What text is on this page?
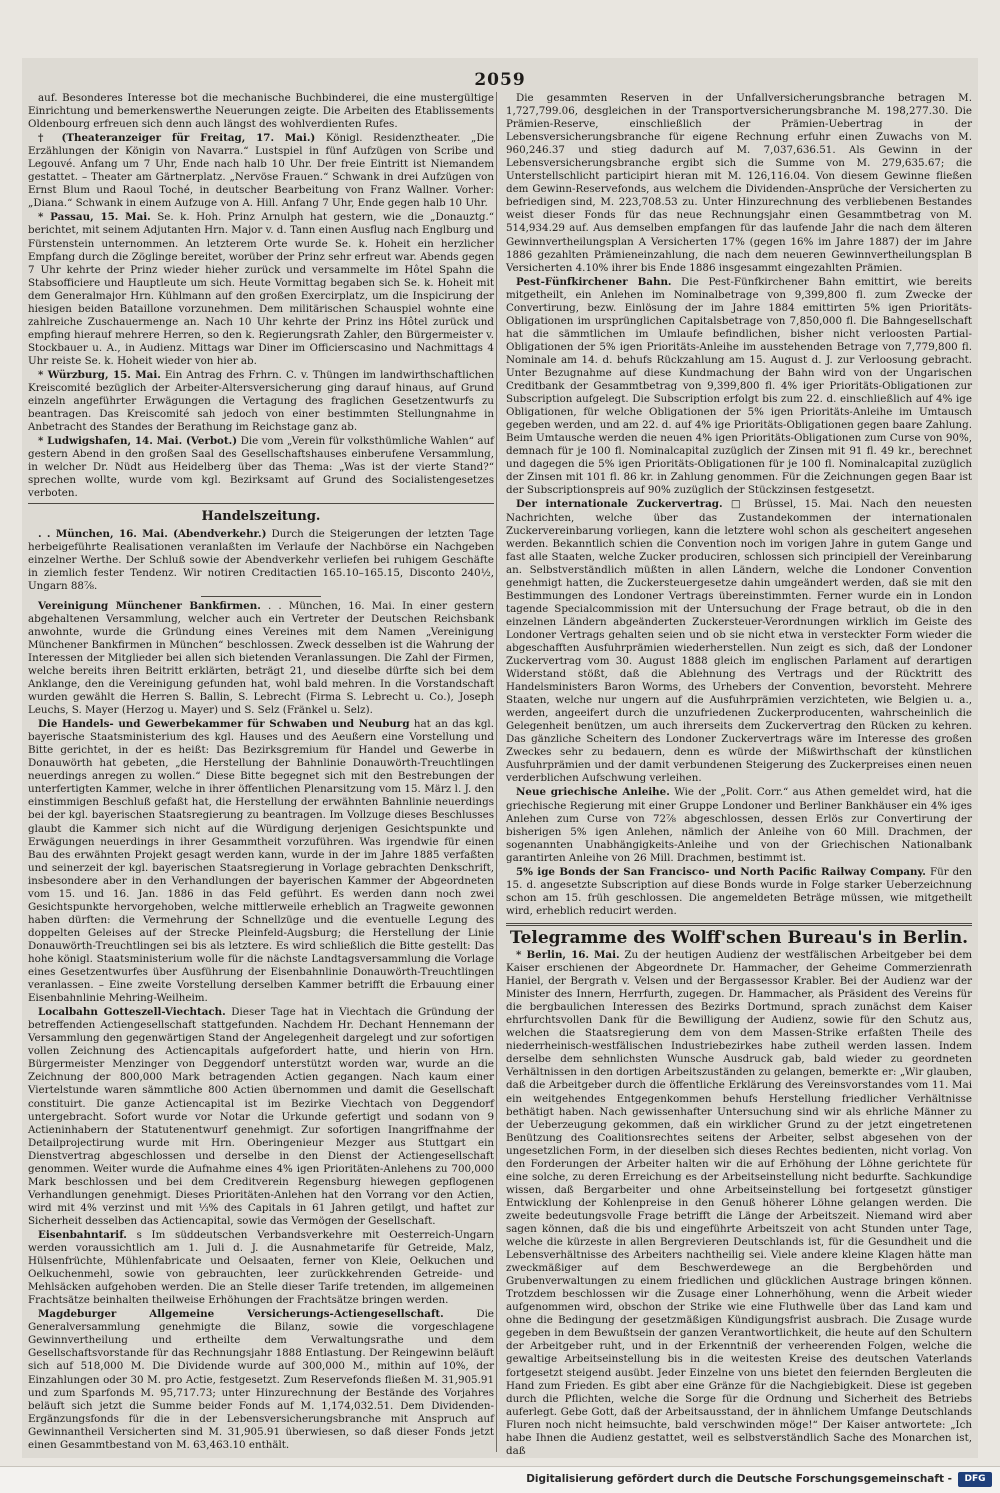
2059

auf. Besonderes Interesse bot die mechanische Buchbinderei, die eine mustergültige Einrichtung und bemerkenswerthe Neuerungen zeigte. Die Arbeiten des Etablissements Oldenbourg erfreuen sich denn auch längst des wohlverdienten Rufes.

† (Theateranzeiger für Freitag, 17. Mai.) Königl. Residenztheater. „Die Erzählungen der Königin von Navarra.“ Lustspiel in fünf Aufzügen von Scribe und Legouvé. Anfang um 7 Uhr, Ende nach halb 10 Uhr. Der freie Eintritt ist Niemandem gestattet. – Theater am Gärtnerplatz. „Nervöse Frauen.“ Schwank in drei Aufzügen von Ernst Blum und Raoul Toché, in deutscher Bearbeitung von Franz Wallner. Vorher: „Diana.“ Schwank in einem Aufzuge von A. Hill. Anfang 7 Uhr, Ende gegen halb 10 Uhr.

* Passau, 15. Mai. Se. k. Hoh. Prinz Arnulph hat gestern, wie die „Donauztg.“ berichtet, mit seinem Adjutanten Hrn. Major v. d. Tann einen Ausflug nach Englburg und Fürstenstein unternommen. An letzterem Orte wurde Se. k. Hoheit ein herzlicher Empfang durch die Zöglinge bereitet, worüber der Prinz sehr erfreut war. Abends gegen 7 Uhr kehrte der Prinz wieder hieher zurück und versammelte im Hôtel Spahn die Stabsofficiere und Hauptleute um sich. Heute Vormittag begaben sich Se. k. Hoheit mit dem Generalmajor Hrn. Kühlmann auf den großen Exercirplatz, um die Inspicirung der hiesigen beiden Bataillone vorzunehmen. Dem militärischen Schauspiel wohnte eine zahlreiche Zuschauermenge an. Nach 10 Uhr kehrte der Prinz ins Hôtel zurück und empfing hierauf mehrere Herren, so den k. Regierungsrath Zahler, den Bürgermeister v. Stockbauer u. A., in Audienz. Mittags war Diner im Officierscasino und Nachmittags 4 Uhr reiste Se. k. Hoheit wieder von hier ab.

* Würzburg, 15. Mai. Ein Antrag des Frhrn. C. v. Thüngen im landwirthschaftlichen Kreiscomité bezüglich der Arbeiter-Altersversicherung ging darauf hinaus, auf Grund einzeln angeführter Erwägungen die Vertagung des fraglichen Gesetzentwurfs zu beantragen. Das Kreiscomité sah jedoch von einer bestimmten Stellungnahme in Anbetracht des Standes der Berathung im Reichstage ganz ab.

* Ludwigshafen, 14. Mai. (Verbot.) Die vom „Verein für volksthümliche Wahlen“ auf gestern Abend in den großen Saal des Gesellschaftshauses einberufene Versammlung, in welcher Dr. Nüdt aus Heidelberg über das Thema: „Was ist der vierte Stand?“ sprechen wollte, wurde vom kgl. Bezirksamt auf Grund des Socialistengesetzes verboten.

Handelszeitung.

. . München, 16. Mai. (Abendverkehr.) Durch die Steigerungen der letzten Tage herbeigeführte Realisationen veranlaßten im Verlaufe der Nachbörse ein Nachgeben einzelner Werthe. Der Schluß sowie der Abendverkehr verliefen bei ruhigem Geschäfte in ziemlich fester Tendenz. Wir notiren Creditactien 165.10–165.15, Disconto 240½, Ungarn 88⅞.

Vereinigung Münchener Bankfirmen. . . München, 16. Mai. In einer gestern abgehaltenen Versammlung, welcher auch ein Vertreter der Deutschen Reichsbank anwohnte, wurde die Gründung eines Vereines mit dem Namen „Vereinigung Münchener Bankfirmen in München“ beschlossen. Zweck desselben ist die Wahrung der Interessen der Mitglieder bei allen sich bietenden Veranlassungen. Die Zahl der Firmen, welche bereits ihren Beitritt erklärten, beträgt 21, und dieselbe dürfte sich bei dem Anklange, den die Vereinigung gefunden hat, wohl bald mehren. In die Vorstandschaft wurden gewählt die Herren S. Ballin, S. Lebrecht (Firma S. Lebrecht u. Co.), Joseph Leuchs, S. Mayer (Herzog u. Mayer) und S. Selz (Fränkel u. Selz).

Die Handels- und Gewerbekammer für Schwaben und Neuburg hat an das kgl. bayerische Staatsministerium des kgl. Hauses und des Aeußern eine Vorstellung und Bitte gerichtet, in der es heißt: Das Bezirksgremium für Handel und Gewerbe in Donauwörth hat gebeten, „die Herstellung der Bahnlinie Donauwörth-Treuchtlingen neuerdings anregen zu wollen.“ Diese Bitte begegnet sich mit den Bestrebungen der unterfertigten Kammer, welche in ihrer öffentlichen Plenarsitzung vom 15. März l. J. den einstimmigen Beschluß gefaßt hat, die Herstellung der erwähnten Bahnlinie neuerdings bei der kgl. bayerischen Staatsregierung zu beantragen. Im Vollzuge dieses Beschlusses glaubt die Kammer sich nicht auf die Würdigung derjenigen Gesichtspunkte und Erwägungen neuerdings in ihrer Gesammtheit vorzuführen. Was irgendwie für einen Bau des erwähnten Projekt gesagt werden kann, wurde in der im Jahre 1885 verfaßten und seinerzeit der kgl. bayerischen Staatsregierung in Vorlage gebrachten Denkschrift, insbesondere aber in den Verhandlungen der bayerischen Kammer der Abgeordneten vom 15. und 16. Jan. 1886 in das Feld geführt. Es werden dann noch zwei Gesichtspunkte hervorgehoben, welche mittlerweile erheblich an Tragweite gewonnen haben dürften: die Vermehrung der Schnellzüge und die eventuelle Legung des doppelten Geleises auf der Strecke Pleinfeld-Augsburg; die Herstellung der Linie Donauwörth-Treuchtlingen sei bis als letztere. Es wird schließlich die Bitte gestellt: Das hohe königl. Staatsministerium wolle für die nächste Landtagsversammlung die Vorlage eines Gesetzentwurfes über Ausführung der Eisenbahnlinie Donauwörth-Treuchtlingen veranlassen. – Eine zweite Vorstellung derselben Kammer betrifft die Erbauung einer Eisenbahnlinie Mehring-Weilheim.

Localbahn Gotteszell-Viechtach. Dieser Tage hat in Viechtach die Gründung der betreffenden Actiengesellschaft stattgefunden. Nachdem Hr. Dechant Hennemann der Versammlung den gegenwärtigen Stand der Angelegenheit dargelegt und zur sofortigen vollen Zeichnung des Actiencapitals aufgefordert hatte, und hierin von Hrn. Bürgermeister Menzinger von Deggendorf unterstützt worden war, wurde an die Zeichnung der 800,000 Mark betragenden Actien gegangen. Nach kaum einer Viertelstunde waren sämmtliche 800 Actien übernommen und damit die Gesellschaft constituirt. Die ganze Actiencapital ist im Bezirke Viechtach von Deggendorf untergebracht. Sofort wurde vor Notar die Urkunde gefertigt und sodann von 9 Actieninhabern der Statutenentwurf genehmigt. Zur sofortigen Inangriffnahme der Detailprojectirung wurde mit Hrn. Oberingenieur Mezger aus Stuttgart ein Dienstvertrag abgeschlossen und derselbe in den Dienst der Actiengesellschaft genommen. Weiter wurde die Aufnahme eines 4% igen Prioritäten-Anlehens zu 700,000 Mark beschlossen und bei dem Creditverein Regensburg hiewegen gepflogenen Verhandlungen genehmigt. Dieses Prioritäten-Anlehen hat den Vorrang vor den Actien, wird mit 4% verzinst und mit ⅓% des Capitals in 61 Jahren getilgt, und haftet zur Sicherheit desselben das Actiencapital, sowie das Vermögen der Gesellschaft.

Eisenbahntarif. s Im süddeutschen Verbandsverkehre mit Oesterreich-Ungarn werden voraussichtlich am 1. Juli d. J. die Ausnahmetarife für Getreide, Malz, Hülsenfrüchte, Mühlenfabricate und Oelsaaten, ferner von Kleie, Oelkuchen und Oelkuchenmehl, sowie von gebrauchten, leer zurückkehrenden Getreide- und Mehlsäcken aufgehoben werden. Die an Stelle dieser Tarife tretenden, im allgemeinen Frachtsätze beinhalten theilweise Erhöhungen der Frachtsätze bringen werden.

Magdeburger Allgemeine Versicherungs-Actiengesellschaft.	Die Generalversammlung genehmigte die Bilanz, sowie die vorgeschlagene Gewinnvertheilung und ertheilte dem Verwaltungsrathe und dem Gesellschaftsvorstande für das Rechnungsjahr 1888 Entlastung. Der Reingewinn beläuft sich auf 518,000 M. Die Dividende wurde auf 300,000 M., mithin auf 10%, der Einzahlungen oder 30 M. pro Actie, festgesetzt. Zum Reservefonds fließen M. 31,905.91 und zum Sparfonds M. 95,717.73; unter Hinzurechnung der Bestände des Vorjahres beläuft sich jetzt die Summe beider Fonds auf M. 1,174,032.51. Dem Dividenden-Ergänzungsfonds für die in der Lebensversicherungsbranche mit Anspruch auf Gewinnantheil Versicherten sind M. 31,905.91 überwiesen, so daß dieser Fonds jetzt einen Gesammtbestand von M. 63,463.10 enthält.

Die gesammten Reserven in der Unfallversicherungsbranche betragen M. 1,727,799.06, desgleichen in der Transportversicherungsbranche M. 198,277.30. Die Prämien-Reserve, einschließlich der Prämien-Uebertrag in der Lebensversicherungsbranche für eigene Rechnung erfuhr einen Zuwachs von M. 960,246.37 und stieg dadurch auf M. 7,037,636.51. Als Gewinn in der Lebensversicherungsbranche ergibt sich die Summe von M. 279,635.67; die Unterstellschlicht participirt hieran mit M. 126,116.04. Von diesem Gewinne fließen dem Gewinn-Reservefonds, aus welchem die Dividenden-Ansprüche der Versicherten zu befriedigen sind, M. 223,708.53 zu. Unter Hinzurechnung des verbliebenen Bestandes weist dieser Fonds für das neue Rechnungsjahr einen Gesammtbetrag von M. 514,934.29 auf. Aus demselben empfangen für das laufende Jahr die nach dem älteren Gewinnvertheilungsplan A Versicherten 17% (gegen 16% im Jahre 1887) der im Jahre 1886 gezahlten Prämieneinzahlung, die nach dem neueren Gewinnvertheilungsplan B Versicherten 4.10% ihrer bis Ende 1886 insgesammt eingezahlten Prämien.

Pest-Fünfkirchener Bahn. Die Pest-Fünfkirchener Bahn emittirt, wie bereits mitgetheilt, ein Anlehen im Nominalbetrage von 9,399,800 fl. zum Zwecke der Convertirung, bezw. Einlösung der im Jahre 1884 emittirten 5% igen Prioritäts-Obligationen im ursprünglichen Capitalsbetrage von 7,850,000 fl. Die Bahngesellschaft hat die sämmtlichen im Umlaufe befindlichen, bisher nicht verloosten Partial-Obligationen der 5% igen Prioritäts-Anleihe im ausstehenden Betrage von 7,779,800 fl. Nominale am 14. d. behufs Rückzahlung am 15. August d. J. zur Verloosung gebracht. Unter Bezugnahme auf diese Kundmachung der Bahn wird von der Ungarischen Creditbank der Gesammtbetrag von 9,399,800 fl. 4% iger Prioritäts-Obligationen zur Subscription aufgelegt. Die Subscription erfolgt bis zum 22. d. einschließlich auf 4% ige Obligationen, für welche Obligationen der 5% igen Prioritäts-Anleihe im Umtausch gegeben werden, und am 22. d. auf 4% ige Prioritäts-Obligationen gegen baare Zahlung. Beim Umtausche werden die neuen 4% igen Prioritäts-Obligationen zum Curse von 90%, demnach für je 100 fl. Nominalcapital zuzüglich der Zinsen mit 91 fl. 49 kr., berechnet und dagegen die 5% igen Prioritäts-Obligationen für je 100 fl. Nominalcapital zuzüglich der Zinsen mit 101 fl. 86 kr. in Zahlung genommen. Für die Zeichnungen gegen Baar ist der Subscriptionspreis auf 90% zuzüglich der Stückzinsen festgesetzt.

Der internationale Zuckervertrag. □ Brüssel, 15. Mai. Nach den neuesten Nachrichten, welche über das Zustandekommen der internationalen Zuckervereinbarung vorliegen, kann die letztere wohl schon als gescheitert angesehen werden. Bekanntlich schien die Convention noch im vorigen Jahre in gutem Gange und fast alle Staaten, welche Zucker produciren, schlossen sich principiell der Vereinbarung an. Selbstverständlich müßten in allen Ländern, welche die Londoner Convention genehmigt hatten, die Zuckersteuergesetze dahin umgeändert werden, daß sie mit den Bestimmungen des Londoner Vertrags übereinstimmten. Ferner wurde ein in London tagende Specialcommission mit der Untersuchung der Frage betraut, ob die in den einzelnen Ländern abgeänderten Zuckersteuer-Verordnungen wirklich im Geiste des Londoner Vertrags gehalten seien und ob sie nicht etwa in versteckter Form wieder die abgeschafften Ausfuhrprämien wiederherstellen. Nun zeigt es sich, daß der Londoner Zuckervertrag vom 30. August 1888 gleich im englischen Parlament auf derartigen Widerstand stößt, daß die Ablehnung des Vertrags und der Rücktritt des Handelsministers Baron Worms, des Urhebers der Convention, bevorsteht. Mehrere Staaten, welche nur ungern auf die Ausfuhrprämien verzichteten, wie Belgien u. a., werden, angeeifert durch die unzufriedenen Zuckerproducenten, wahrscheinlich die Gelegenheit benützen, um auch ihrerseits dem Zuckervertrag den Rücken zu kehren. Das gänzliche Scheitern des Londoner Zuckervertrags wäre im Interesse des großen Zweckes sehr zu bedauern, denn es würde der Mißwirthschaft der künstlichen Ausfuhrprämien und der damit verbundenen Steigerung des Zuckerpreises einen neuen verderblichen Aufschwung verleihen.

Neue griechische Anleihe. Wie der „Polit. Corr.“ aus Athen gemeldet wird, hat die griechische Regierung mit einer Gruppe Londoner und Berliner Bankhäuser ein 4% iges Anlehen zum Curse von 72⅞ abgeschlossen, dessen Erlös zur Convertirung der bisherigen 5% igen Anlehen, nämlich der Anleihe von 60 Mill. Drachmen, der sogenannten Unabhängigkeits-Anleihe und von der Griechischen Nationalbank garantirten Anleihe von 26 Mill. Drachmen, bestimmt ist.

5% ige Bonds der San Francisco- und North Pacific Railway Company. Für den 15. d. angesetzte Subscription auf diese Bonds wurde in Folge starker Ueberzeichnung schon am 15. früh geschlossen. Die angemeldeten Beträge müssen, wie mitgetheilt wird, erheblich reducirt werden.

Telegramme des Wolff'schen Bureau's in Berlin.

* Berlin, 16. Mai. Zu der heutigen Audienz der westfälischen Arbeitgeber bei dem Kaiser erschienen der Abgeordnete Dr. Hammacher, der Geheime Commerzienrath Haniel, der Bergrath v. Velsen und der Bergassessor Krabler. Bei der Audienz war der Minister des Innern, Herrfurth, zugegen. Dr. Hammacher, als Präsident des Vereins für die bergbaulichen Interessen des Bezirks Dortmund, sprach zunächst dem Kaiser ehrfurchtsvollen Dank für die Bewilligung der Audienz, sowie für den Schutz aus, welchen die Staatsregierung dem von dem Massen-Strike erfaßten Theile des niederrheinisch-westfälischen Industriebezirkes habe zutheil werden lassen. Indem derselbe dem sehnlichsten Wunsche Ausdruck gab, bald wieder zu geordneten Verhältnissen in den dortigen Arbeitszuständen zu gelangen, bemerkte er: „Wir glauben, daß die Arbeitgeber durch die öffentliche Erklärung des Vereinsvorstandes vom 11. Mai ein weitgehendes Entgegenkommen behufs Herstellung friedlicher Verhältnisse bethätigt haben. Nach gewissenhafter Untersuchung sind wir als ehrliche Männer zu der Ueberzeugung gekommen, daß ein wirklicher Grund zu der jetzt eingetretenen Benützung des Coalitionsrechtes seitens der Arbeiter, selbst abgesehen von der ungesetzlichen Form, in der dieselben sich dieses Rechtes bedienten, nicht vorlag. Von den Forderungen der Arbeiter halten wir die auf Erhöhung der Löhne gerichtete für eine solche, zu deren Erreichung es der Arbeitseinstellung nicht bedurfte. Sachkundige wissen, daß Bergarbeiter und ohne Arbeitseinstellung bei fortgesetzt günstiger Entwicklung der Kohlenpreise in den Genuß höherer Löhne gelangen werden. Die zweite bedeutungsvolle Frage betrifft die Länge der Arbeitszeit. Niemand wird aber sagen können, daß die bis und eingeführte Arbeitszeit von acht Stunden unter Tage, welche die kürzeste in allen Bergrevieren Deutschlands ist, für die Gesundheit und die Lebensverhältnisse des Arbeiters nachtheilig sei. Viele andere kleine Klagen hätte man zweckmäßiger auf dem Beschwerdewege an die Bergbehörden und Grubenverwaltungen zu einem friedlichen und glücklichen Austrage bringen können. Trotzdem beschlossen wir die Zusage einer Lohnerhöhung, wenn die Arbeit wieder aufgenommen wird, obschon der Strike wie eine Fluthwelle über das Land kam und ohne die Bedingung der gesetzmäßigen Kündigungsfrist ausbrach. Die Zusage wurde gegeben in dem Bewußtsein der ganzen Verantwortlichkeit, die heute auf den Schultern der Arbeitgeber ruht, und in der Erkenntniß der verheerenden Folgen, welche die gewaltige Arbeitseinstellung bis in die weitesten Kreise des deutschen Vaterlands fortgesetzt steigend ausübt. Jeder Einzelne von uns bietet den feiernden Bergleuten die Hand zum Frieden. Es gibt aber eine Gränze für die Nachgiebigkeit. Diese ist gegeben durch die Pflichten, welche die Sorge für die Ordnung und Sicherheit des Betriebs auferlegt. Gebe Gott, daß der Arbeitsausstand, der in ähnlichem Umfange Deutschlands Fluren noch nicht heimsuchte, bald verschwinden möge!“ Der Kaiser antwortete: „Ich habe Ihnen die Audienz gestattet, weil es selbstverständlich Sache des Monarchen ist, daß

Digitalisierung gefördert durch die Deutsche Forschungsgemeinschaft -	DFG
